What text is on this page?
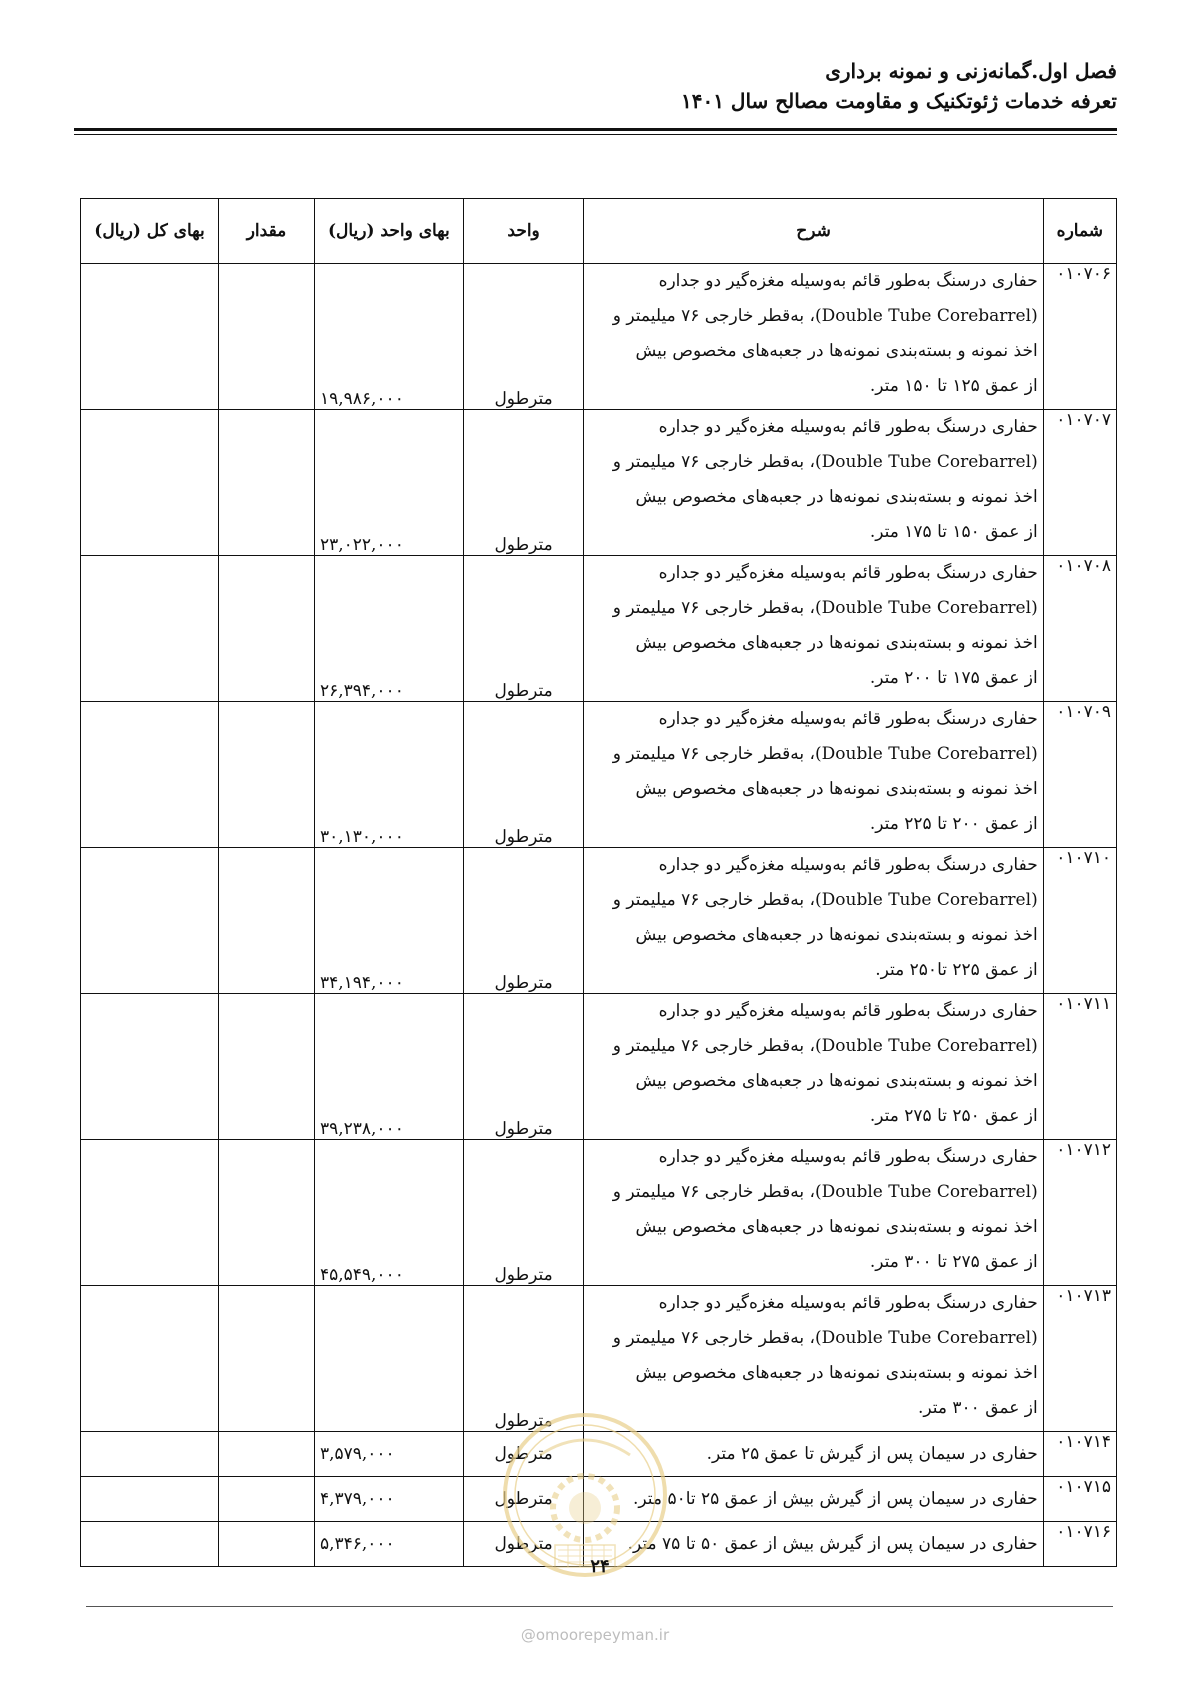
فصل اول.گمانه‌زنی و نمونه برداری
تعرفه خدمات ژئوتکنیک و مقاومت مصالح سال ۱۴۰۱
شماره	شرح	واحد	بهای واحد (ریال)	مقدار	بهای کل (ریال)
۰۱۰۷۰۶	حفاری درسنگ به‌طور قائم به‌وسیله مغزه‌گیر دو جداره
(Double Tube Corebarrel)، به‌قطر خارجی ۷۶ میلیمتر و
اخذ نمونه و بسته‌بندی نمونه‌ها در جعبه‌های مخصوص بیش
از عمق ۱۲۵ تا ۱۵۰ متر.	مترطول	۱۹,۹۸۶,۰۰۰		
۰۱۰۷۰۷	حفاری درسنگ به‌طور قائم به‌وسیله مغزه‌گیر دو جداره
(Double Tube Corebarrel)، به‌قطر خارجی ۷۶ میلیمتر و
اخذ نمونه و بسته‌بندی نمونه‌ها در جعبه‌های مخصوص بیش
از عمق ۱۵۰ تا ۱۷۵ متر.	مترطول	۲۳,۰۲۲,۰۰۰		
۰۱۰۷۰۸	حفاری درسنگ به‌طور قائم به‌وسیله مغزه‌گیر دو جداره
(Double Tube Corebarrel)، به‌قطر خارجی ۷۶ میلیمتر و
اخذ نمونه و بسته‌بندی نمونه‌ها در جعبه‌های مخصوص بیش
از عمق ۱۷۵ تا ۲۰۰ متر.	مترطول	۲۶,۳۹۴,۰۰۰		
۰۱۰۷۰۹	حفاری درسنگ به‌طور قائم به‌وسیله مغزه‌گیر دو جداره
(Double Tube Corebarrel)، به‌قطر خارجی ۷۶ میلیمتر و
اخذ نمونه و بسته‌بندی نمونه‌ها در جعبه‌های مخصوص بیش
از عمق ۲۰۰ تا ۲۲۵ متر.	مترطول	۳۰,۱۳۰,۰۰۰		
۰۱۰۷۱۰	حفاری درسنگ به‌طور قائم به‌وسیله مغزه‌گیر دو جداره
(Double Tube Corebarrel)، به‌قطر خارجی ۷۶ میلیمتر و
اخذ نمونه و بسته‌بندی نمونه‌ها در جعبه‌های مخصوص بیش
از عمق ۲۲۵ تا۲۵۰ متر.	مترطول	۳۴,۱۹۴,۰۰۰		
۰۱۰۷۱۱	حفاری درسنگ به‌طور قائم به‌وسیله مغزه‌گیر دو جداره
(Double Tube Corebarrel)، به‌قطر خارجی ۷۶ میلیمتر و
اخذ نمونه و بسته‌بندی نمونه‌ها در جعبه‌های مخصوص بیش
از عمق ۲۵۰ تا ۲۷۵ متر.	مترطول	۳۹,۲۳۸,۰۰۰		
۰۱۰۷۱۲	حفاری درسنگ به‌طور قائم به‌وسیله مغزه‌گیر دو جداره
(Double Tube Corebarrel)، به‌قطر خارجی ۷۶ میلیمتر و
اخذ نمونه و بسته‌بندی نمونه‌ها در جعبه‌های مخصوص بیش
از عمق ۲۷۵ تا ۳۰۰ متر.	مترطول	۴۵,۵۴۹,۰۰۰		
۰۱۰۷۱۳	حفاری درسنگ به‌طور قائم به‌وسیله مغزه‌گیر دو جداره
(Double Tube Corebarrel)، به‌قطر خارجی ۷۶ میلیمتر و
اخذ نمونه و بسته‌بندی نمونه‌ها در جعبه‌های مخصوص بیش
از عمق ۳۰۰ متر.	مترطول			
۰۱۰۷۱۴	حفاری در سیمان پس از گیرش تا عمق ۲۵ متر.	مترطول	۳,۵۷۹,۰۰۰		
۰۱۰۷۱۵	حفاری در سیمان پس از گیرش بیش از عمق ۲۵ تا۵۰ متر.	مترطول	۴,۳۷۹,۰۰۰		
۰۱۰۷۱۶	حفاری در سیمان پس از گیرش بیش از عمق ۵۰ تا ۷۵ متر.	مترطول	۵,۳۴۶,۰۰۰		
۲۴
@omoorepeyman.ir
